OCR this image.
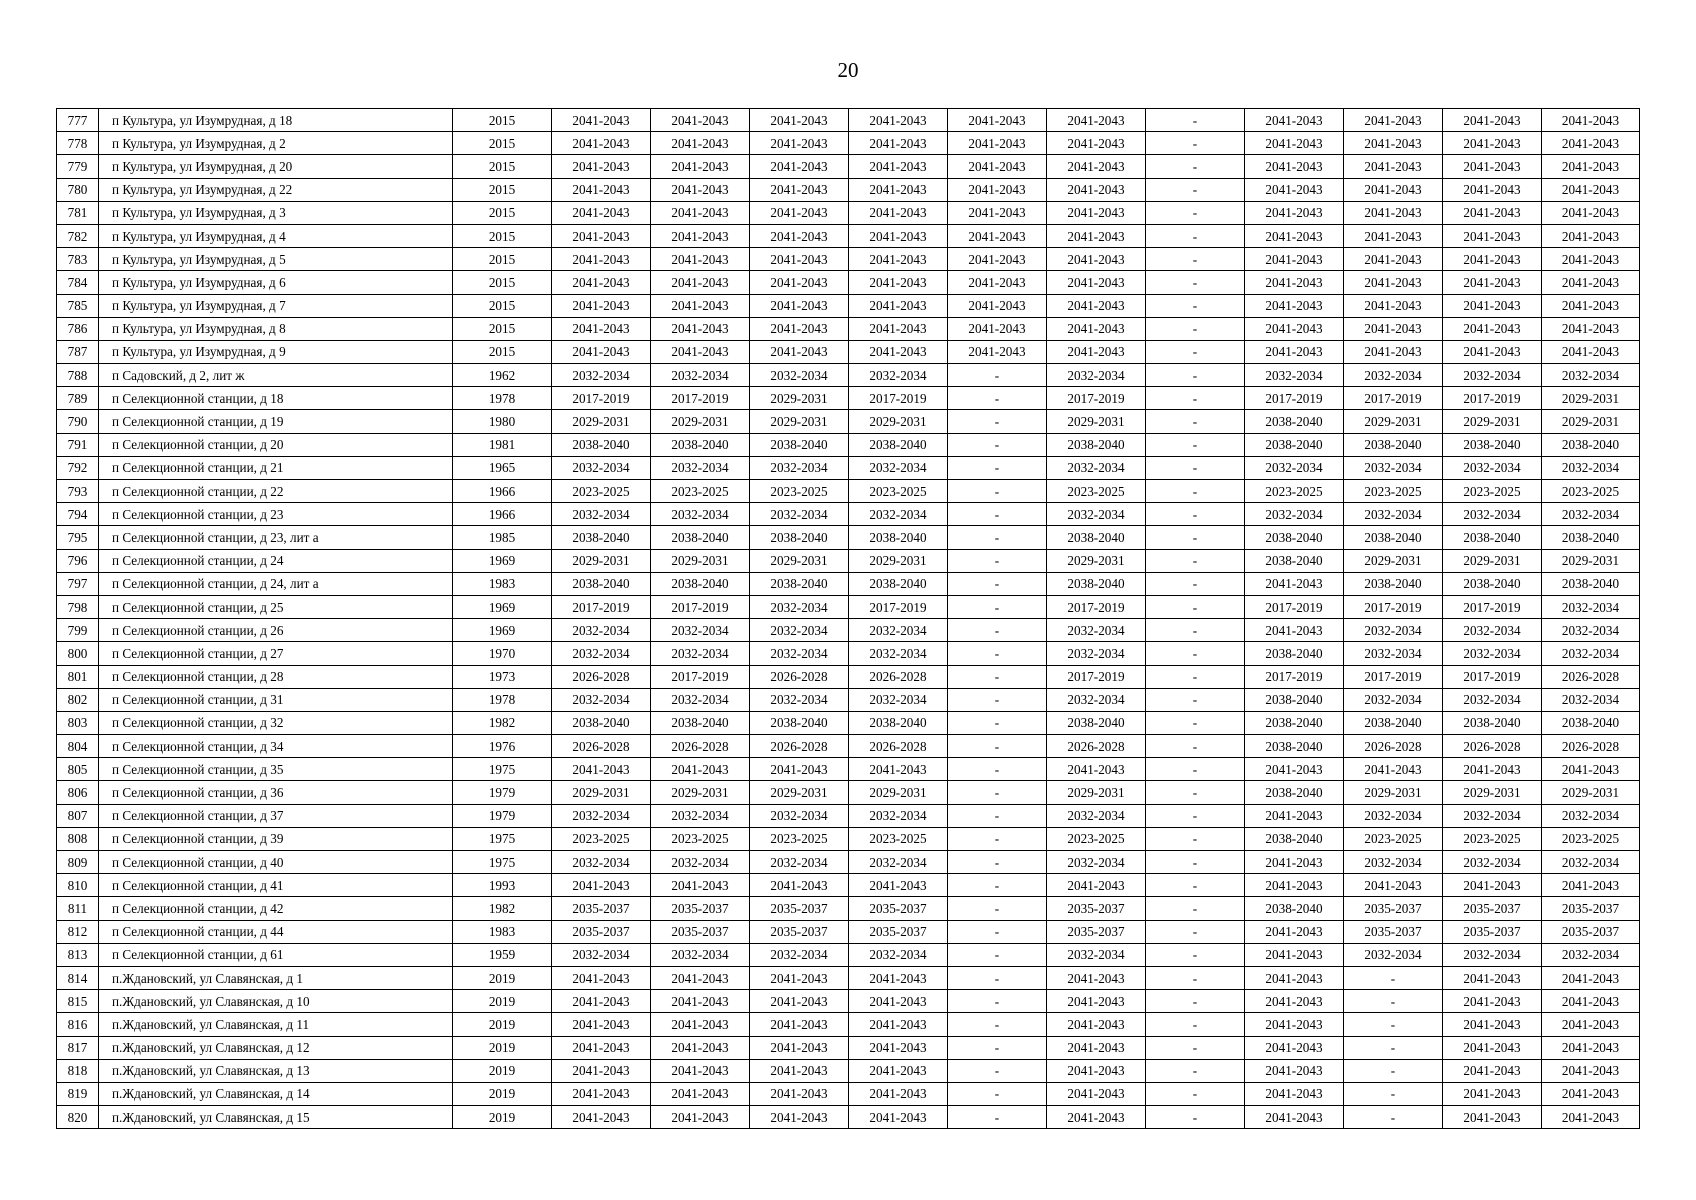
20
777	п Культура, ул Изумрудная, д 18	2015	2041-2043	2041-2043	2041-2043	2041-2043	2041-2043	2041-2043	-	2041-2043	2041-2043	2041-2043	2041-2043
778	п Культура, ул Изумрудная, д 2	2015	2041-2043	2041-2043	2041-2043	2041-2043	2041-2043	2041-2043	-	2041-2043	2041-2043	2041-2043	2041-2043
779	п Культура, ул Изумрудная, д 20	2015	2041-2043	2041-2043	2041-2043	2041-2043	2041-2043	2041-2043	-	2041-2043	2041-2043	2041-2043	2041-2043
780	п Культура, ул Изумрудная, д 22	2015	2041-2043	2041-2043	2041-2043	2041-2043	2041-2043	2041-2043	-	2041-2043	2041-2043	2041-2043	2041-2043
781	п Культура, ул Изумрудная, д 3	2015	2041-2043	2041-2043	2041-2043	2041-2043	2041-2043	2041-2043	-	2041-2043	2041-2043	2041-2043	2041-2043
782	п Культура, ул Изумрудная, д 4	2015	2041-2043	2041-2043	2041-2043	2041-2043	2041-2043	2041-2043	-	2041-2043	2041-2043	2041-2043	2041-2043
783	п Культура, ул Изумрудная, д 5	2015	2041-2043	2041-2043	2041-2043	2041-2043	2041-2043	2041-2043	-	2041-2043	2041-2043	2041-2043	2041-2043
784	п Культура, ул Изумрудная, д 6	2015	2041-2043	2041-2043	2041-2043	2041-2043	2041-2043	2041-2043	-	2041-2043	2041-2043	2041-2043	2041-2043
785	п Культура, ул Изумрудная, д 7	2015	2041-2043	2041-2043	2041-2043	2041-2043	2041-2043	2041-2043	-	2041-2043	2041-2043	2041-2043	2041-2043
786	п Культура, ул Изумрудная, д 8	2015	2041-2043	2041-2043	2041-2043	2041-2043	2041-2043	2041-2043	-	2041-2043	2041-2043	2041-2043	2041-2043
787	п Культура, ул Изумрудная, д 9	2015	2041-2043	2041-2043	2041-2043	2041-2043	2041-2043	2041-2043	-	2041-2043	2041-2043	2041-2043	2041-2043
788	п Садовский, д 2, лит ж	1962	2032-2034	2032-2034	2032-2034	2032-2034	-	2032-2034	-	2032-2034	2032-2034	2032-2034	2032-2034
789	п Селекционной станции, д 18	1978	2017-2019	2017-2019	2029-2031	2017-2019	-	2017-2019	-	2017-2019	2017-2019	2017-2019	2029-2031
790	п Селекционной станции, д 19	1980	2029-2031	2029-2031	2029-2031	2029-2031	-	2029-2031	-	2038-2040	2029-2031	2029-2031	2029-2031
791	п Селекционной станции, д 20	1981	2038-2040	2038-2040	2038-2040	2038-2040	-	2038-2040	-	2038-2040	2038-2040	2038-2040	2038-2040
792	п Селекционной станции, д 21	1965	2032-2034	2032-2034	2032-2034	2032-2034	-	2032-2034	-	2032-2034	2032-2034	2032-2034	2032-2034
793	п Селекционной станции, д 22	1966	2023-2025	2023-2025	2023-2025	2023-2025	-	2023-2025	-	2023-2025	2023-2025	2023-2025	2023-2025
794	п Селекционной станции, д 23	1966	2032-2034	2032-2034	2032-2034	2032-2034	-	2032-2034	-	2032-2034	2032-2034	2032-2034	2032-2034
795	п Селекционной станции, д 23, лит а	1985	2038-2040	2038-2040	2038-2040	2038-2040	-	2038-2040	-	2038-2040	2038-2040	2038-2040	2038-2040
796	п Селекционной станции, д 24	1969	2029-2031	2029-2031	2029-2031	2029-2031	-	2029-2031	-	2038-2040	2029-2031	2029-2031	2029-2031
797	п Селекционной станции, д 24, лит а	1983	2038-2040	2038-2040	2038-2040	2038-2040	-	2038-2040	-	2041-2043	2038-2040	2038-2040	2038-2040
798	п Селекционной станции, д 25	1969	2017-2019	2017-2019	2032-2034	2017-2019	-	2017-2019	-	2017-2019	2017-2019	2017-2019	2032-2034
799	п Селекционной станции, д 26	1969	2032-2034	2032-2034	2032-2034	2032-2034	-	2032-2034	-	2041-2043	2032-2034	2032-2034	2032-2034
800	п Селекционной станции, д 27	1970	2032-2034	2032-2034	2032-2034	2032-2034	-	2032-2034	-	2038-2040	2032-2034	2032-2034	2032-2034
801	п Селекционной станции, д 28	1973	2026-2028	2017-2019	2026-2028	2026-2028	-	2017-2019	-	2017-2019	2017-2019	2017-2019	2026-2028
802	п Селекционной станции, д 31	1978	2032-2034	2032-2034	2032-2034	2032-2034	-	2032-2034	-	2038-2040	2032-2034	2032-2034	2032-2034
803	п Селекционной станции, д 32	1982	2038-2040	2038-2040	2038-2040	2038-2040	-	2038-2040	-	2038-2040	2038-2040	2038-2040	2038-2040
804	п Селекционной станции, д 34	1976	2026-2028	2026-2028	2026-2028	2026-2028	-	2026-2028	-	2038-2040	2026-2028	2026-2028	2026-2028
805	п Селекционной станции, д 35	1975	2041-2043	2041-2043	2041-2043	2041-2043	-	2041-2043	-	2041-2043	2041-2043	2041-2043	2041-2043
806	п Селекционной станции, д 36	1979	2029-2031	2029-2031	2029-2031	2029-2031	-	2029-2031	-	2038-2040	2029-2031	2029-2031	2029-2031
807	п Селекционной станции, д 37	1979	2032-2034	2032-2034	2032-2034	2032-2034	-	2032-2034	-	2041-2043	2032-2034	2032-2034	2032-2034
808	п Селекционной станции, д 39	1975	2023-2025	2023-2025	2023-2025	2023-2025	-	2023-2025	-	2038-2040	2023-2025	2023-2025	2023-2025
809	п Селекционной станции, д 40	1975	2032-2034	2032-2034	2032-2034	2032-2034	-	2032-2034	-	2041-2043	2032-2034	2032-2034	2032-2034
810	п Селекционной станции, д 41	1993	2041-2043	2041-2043	2041-2043	2041-2043	-	2041-2043	-	2041-2043	2041-2043	2041-2043	2041-2043
811	п Селекционной станции, д 42	1982	2035-2037	2035-2037	2035-2037	2035-2037	-	2035-2037	-	2038-2040	2035-2037	2035-2037	2035-2037
812	п Селекционной станции, д 44	1983	2035-2037	2035-2037	2035-2037	2035-2037	-	2035-2037	-	2041-2043	2035-2037	2035-2037	2035-2037
813	п Селекционной станции, д 61	1959	2032-2034	2032-2034	2032-2034	2032-2034	-	2032-2034	-	2041-2043	2032-2034	2032-2034	2032-2034
814	п.Ждановский, ул Славянская, д 1	2019	2041-2043	2041-2043	2041-2043	2041-2043	-	2041-2043	-	2041-2043	-	2041-2043	2041-2043
815	п.Ждановский, ул Славянская, д 10	2019	2041-2043	2041-2043	2041-2043	2041-2043	-	2041-2043	-	2041-2043	-	2041-2043	2041-2043
816	п.Ждановский, ул Славянская, д 11	2019	2041-2043	2041-2043	2041-2043	2041-2043	-	2041-2043	-	2041-2043	-	2041-2043	2041-2043
817	п.Ждановский, ул Славянская, д 12	2019	2041-2043	2041-2043	2041-2043	2041-2043	-	2041-2043	-	2041-2043	-	2041-2043	2041-2043
818	п.Ждановский, ул Славянская, д 13	2019	2041-2043	2041-2043	2041-2043	2041-2043	-	2041-2043	-	2041-2043	-	2041-2043	2041-2043
819	п.Ждановский, ул Славянская, д 14	2019	2041-2043	2041-2043	2041-2043	2041-2043	-	2041-2043	-	2041-2043	-	2041-2043	2041-2043
820	п.Ждановский, ул Славянская, д 15	2019	2041-2043	2041-2043	2041-2043	2041-2043	-	2041-2043	-	2041-2043	-	2041-2043	2041-2043
